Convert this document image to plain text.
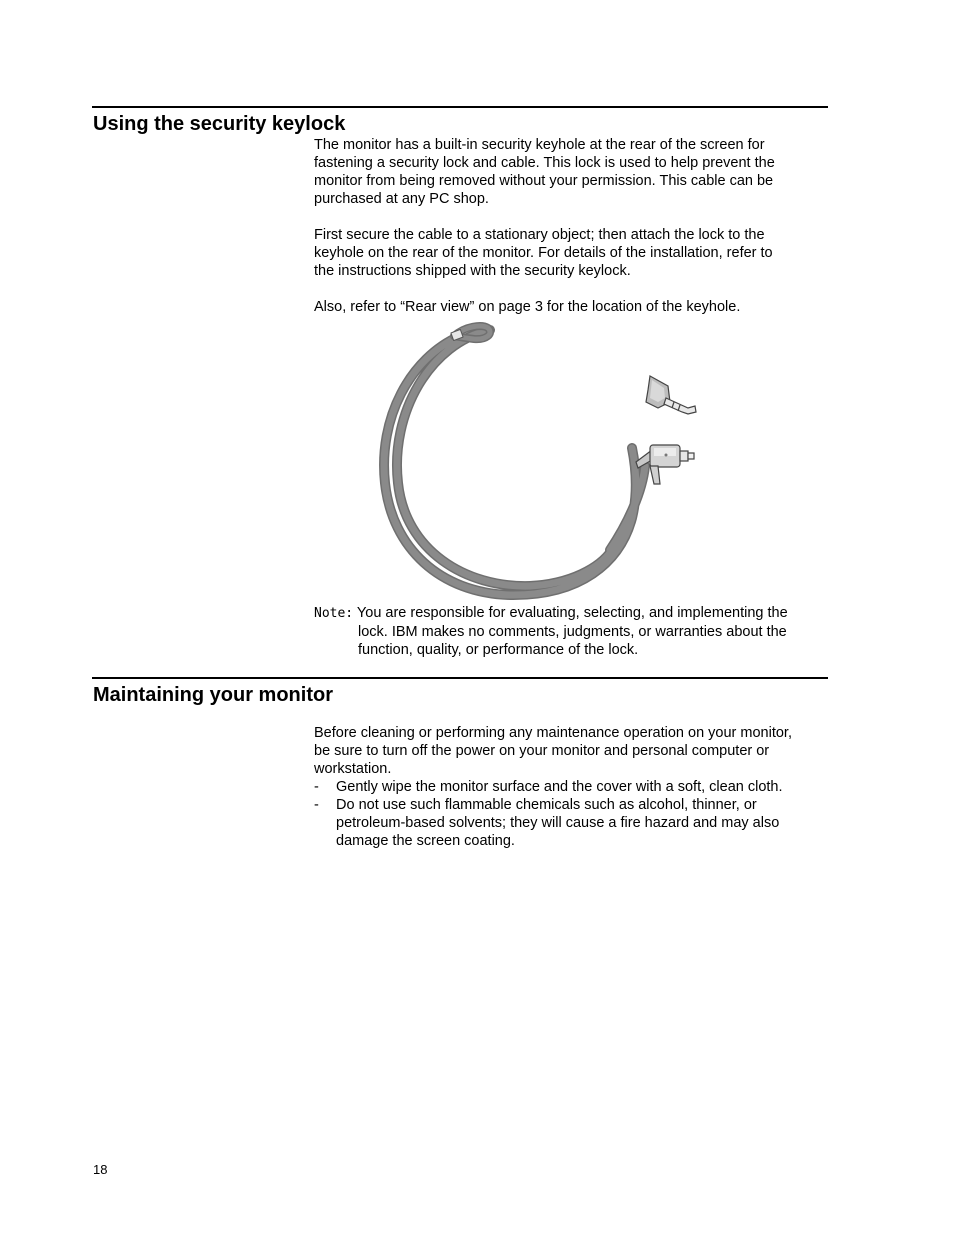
Using the security keylock

The monitor has a built-in security keyhole at the rear of the screen for
fastening a security lock and cable. This lock is used to help prevent the
monitor from being removed without your permission. This cable can be
purchased at any PC shop.

First secure the cable to a stationary object; then attach the lock to the
keyhole on the rear of the monitor. For details of the installation, refer to
the instructions shipped with the security keylock.

Also, refer to “Rear view” on page 3 for the location of the keyhole.

Note: You are responsible for evaluating, selecting, and implementing the
lock. IBM makes no comments, judgments, or warranties about the
function, quality, or performance of the lock.
Maintaining your monitor

Before cleaning or performing any maintenance operation on your monitor,
be sure to turn off the power on your monitor and personal computer or
workstation.

- Gently wipe the monitor surface and the cover with a soft, clean cloth.
- Do not use such flammable chemicals such as alcohol, thinner, or
petroleum-based solvents; they will cause a fire hazard and may also
damage the screen coating.
18
